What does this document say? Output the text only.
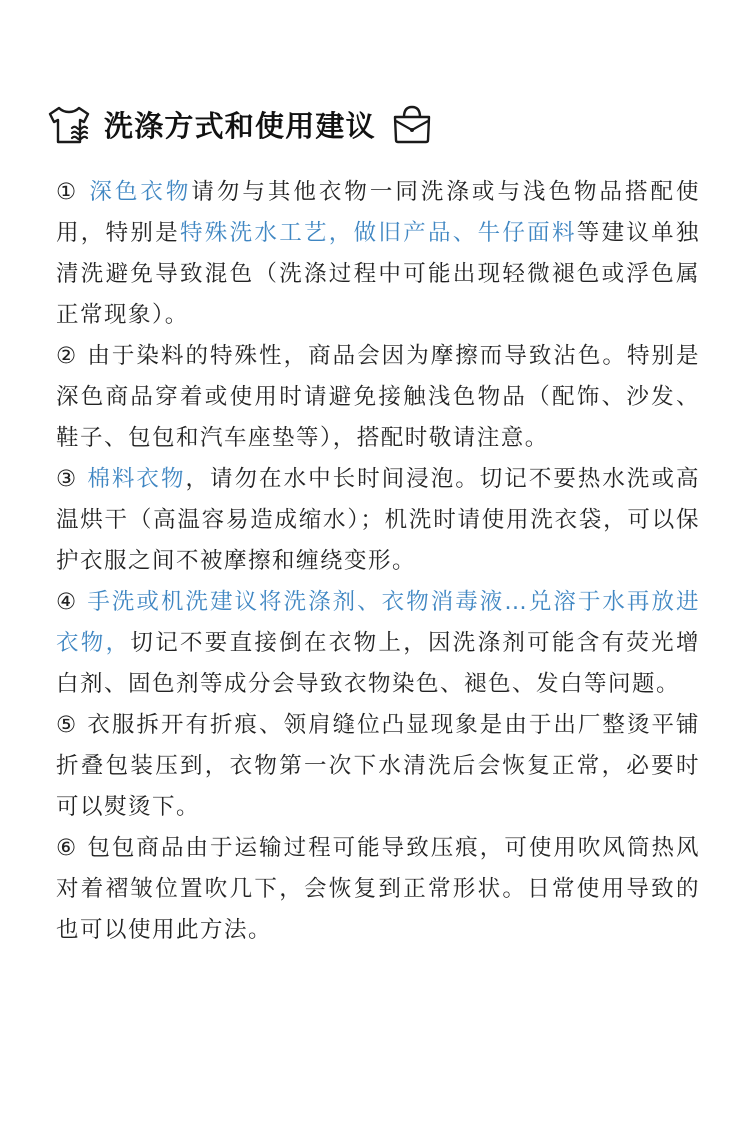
洗涤方式和使用建议

① 深色衣物请勿与其他衣物一同洗涤或与浅色物品搭配使用，特别是特殊洗水工艺，做旧产品、牛仔面料等建议单独清洗避免导致混色（洗涤过程中可能出现轻微褪色或浮色属正常现象）。

② 由于染料的特殊性，商品会因为摩擦而导致沾色。特别是深色商品穿着或使用时请避免接触浅色物品（配饰、沙发、鞋子、包包和汽车座垫等），搭配时敬请注意。

③ 棉料衣物，请勿在水中长时间浸泡。切记不要热水洗或高温烘干（高温容易造成缩水）；机洗时请使用洗衣袋，可以保护衣服之间不被摩擦和缠绕变形。

④ 手洗或机洗建议将洗涤剂、衣物消毒液…兑溶于水再放进衣物，切记不要直接倒在衣物上，因洗涤剂可能含有荧光增白剂、固色剂等成分会导致衣物染色、褪色、发白等问题。

⑤ 衣服拆开有折痕、领肩缝位凸显现象是由于出厂整烫平铺折叠包装压到，衣物第一次下水清洗后会恢复正常，必要时可以熨烫下。

⑥ 包包商品由于运输过程可能导致压痕，可使用吹风筒热风对着褶皱位置吹几下，会恢复到正常形状。日常使用导致的也可以使用此方法。
